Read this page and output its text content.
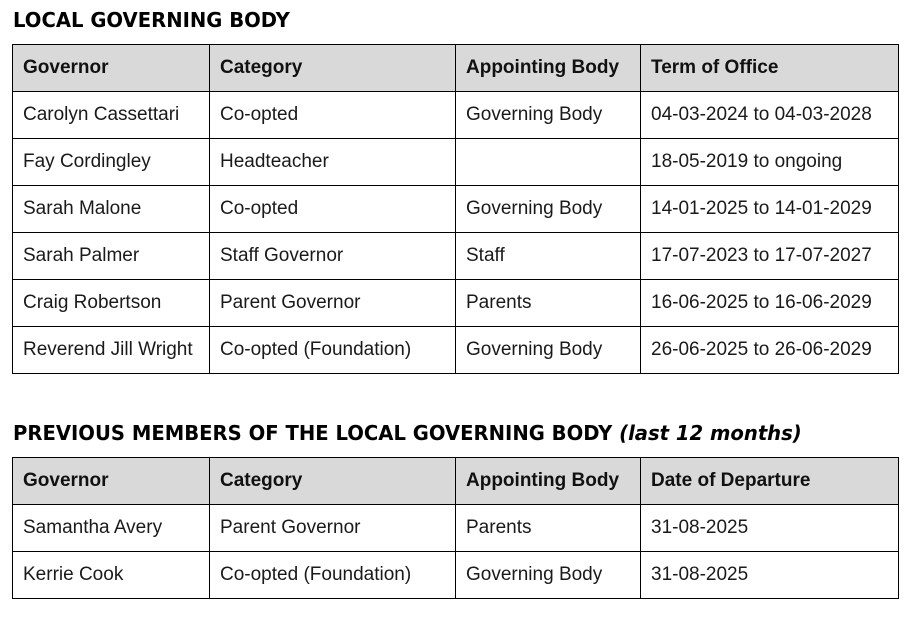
LOCAL GOVERNING BODY
Governor	Category	Appointing Body	Term of Office
Carolyn Cassettari	Co-opted	Governing Body	04-03-2024 to 04-03-2028
Fay Cordingley	Headteacher		18-05-2019 to ongoing
Sarah Malone	Co-opted	Governing Body	14-01-2025 to 14-01-2029
Sarah Palmer	Staff Governor	Staff	17-07-2023 to 17-07-2027
Craig Robertson	Parent Governor	Parents	16-06-2025 to 16-06-2029
Reverend Jill Wright	Co-opted (Foundation)	Governing Body	26-06-2025 to 26-06-2029
PREVIOUS MEMBERS OF THE LOCAL GOVERNING BODY (last 12 months)
Governor	Category	Appointing Body	Date of Departure
Samantha Avery	Parent Governor	Parents	31-08-2025
Kerrie Cook	Co-opted (Foundation)	Governing Body	31-08-2025
